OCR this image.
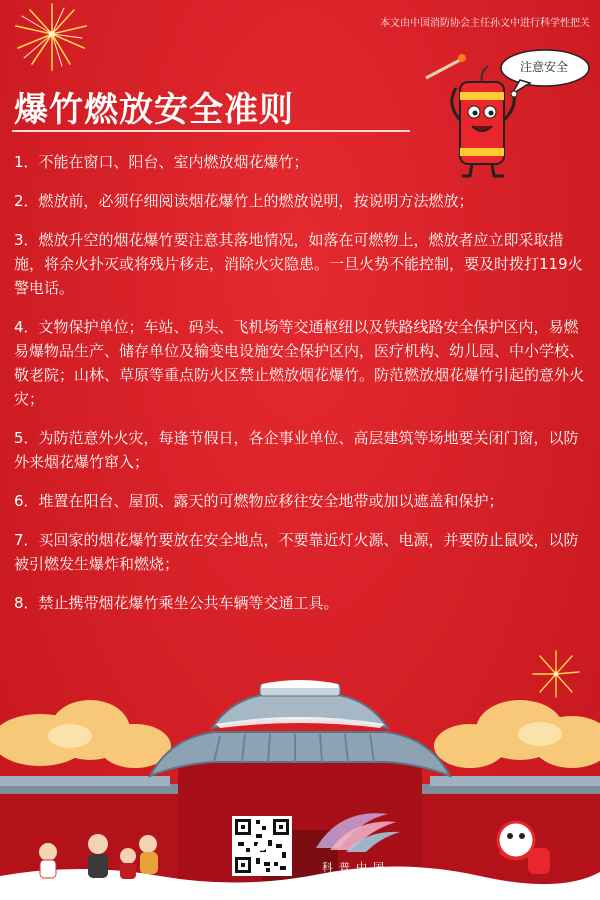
本文由中国消防协会主任孙文中进行科学性把关
爆竹燃放安全准则
注意安全

1．不能在窗口、阳台、室内燃放烟花爆竹；

2．燃放前，必须仔细阅读烟花爆竹上的燃放说明，按说明方法燃放；

3．燃放升空的烟花爆竹要注意其落地情况，如落在可燃物上，燃放者应立即采取措施，将余火扑灭或将残片移走，消除火灾隐患。一旦火势不能控制，要及时拨打119火警电话。

4．文物保护单位；车站、码头、飞机场等交通枢纽以及铁路线路安全保护区内，易燃易爆物品生产、储存单位及输变电设施安全保护区内，医疗机构、幼儿园、中小学校、敬老院；山林、草原等重点防火区禁止燃放烟花爆竹。防范燃放烟花爆竹引起的意外火灾；

5．为防范意外火灾，每逢节假日，各企事业单位、高层建筑等场地要关闭门窗，以防外来烟花爆竹窜入；

6．堆置在阳台、屋顶、露天的可燃物应移往安全地带或加以遮盖和保护；

7．买回家的烟花爆竹要放在安全地点，不要靠近灯火源、电源，并要防止鼠咬，以防被引燃发生爆炸和燃烧；

8．禁止携带烟花爆竹乘坐公共车辆等交通工具。

科普中国
CHINA SCIENCE COMMUNICATION
